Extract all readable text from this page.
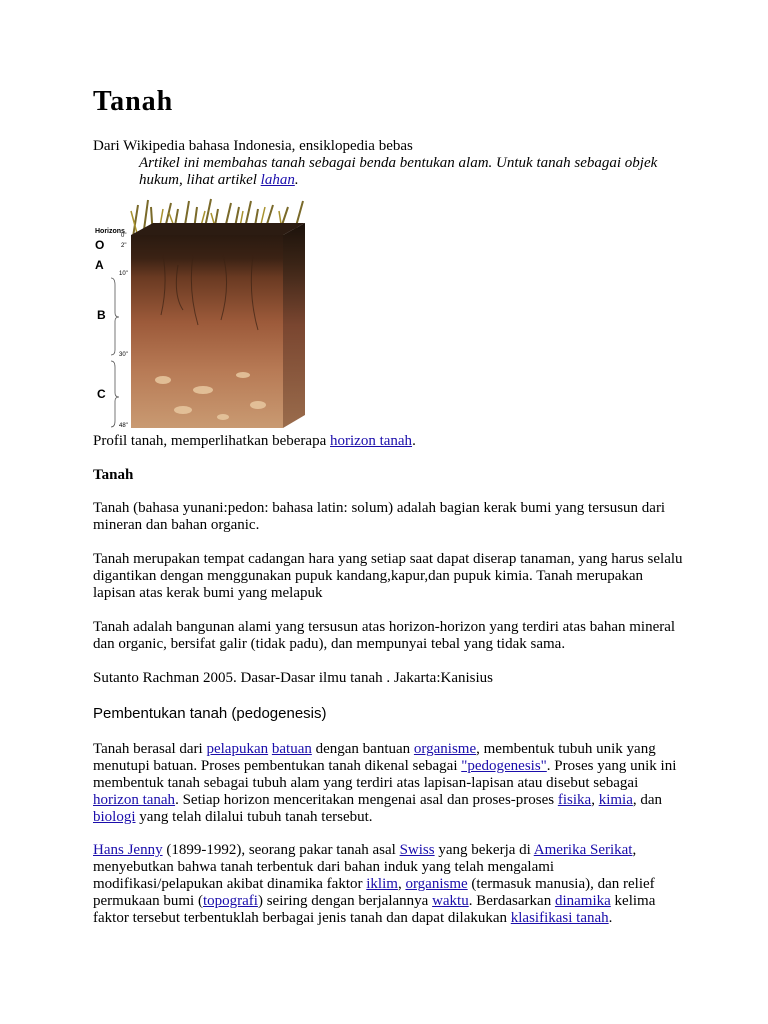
Tanah

Dari Wikipedia bahasa Indonesia, ensiklopedia bebas

Artikel ini membahas tanah sebagai benda bentukan alam. Untuk tanah sebagai objek hukum, lihat artikel lahan.

Horizons
O
A
B
C
0"
2"
10"
30"
48"

Profil tanah, memperlihatkan beberapa horizon tanah.

Tanah

Tanah (bahasa yunani:pedon: bahasa latin: solum) adalah bagian kerak bumi yang tersusun dari mineran dan bahan organic.

Tanah merupakan tempat cadangan hara yang setiap saat dapat diserap tanaman, yang harus selalu digantikan dengan menggunakan pupuk kandang,kapur,dan pupuk kimia. Tanah merupakan lapisan atas kerak bumi yang melapuk

Tanah adalah bangunan alami yang tersusun atas horizon-horizon yang terdiri atas bahan mineral dan organic, bersifat galir (tidak padu), dan mempunyai tebal yang tidak sama.

Sutanto Rachman 2005. Dasar-Dasar ilmu tanah . Jakarta:Kanisius

Pembentukan tanah (pedogenesis)

Tanah berasal dari pelapukan batuan dengan bantuan organisme, membentuk tubuh unik yang menutupi batuan. Proses pembentukan tanah dikenal sebagai "pedogenesis". Proses yang unik ini membentuk tanah sebagai tubuh alam yang terdiri atas lapisan-lapisan atau disebut sebagai horizon tanah. Setiap horizon menceritakan mengenai asal dan proses-proses fisika, kimia, dan biologi yang telah dilalui tubuh tanah tersebut.

Hans Jenny (1899-1992), seorang pakar tanah asal Swiss yang bekerja di Amerika Serikat, menyebutkan bahwa tanah terbentuk dari bahan induk yang telah mengalami modifikasi/pelapukan akibat dinamika faktor iklim, organisme (termasuk manusia), dan relief permukaan bumi (topografi) seiring dengan berjalannya waktu. Berdasarkan dinamika kelima faktor tersebut terbentuklah berbagai jenis tanah dan dapat dilakukan klasifikasi tanah.
